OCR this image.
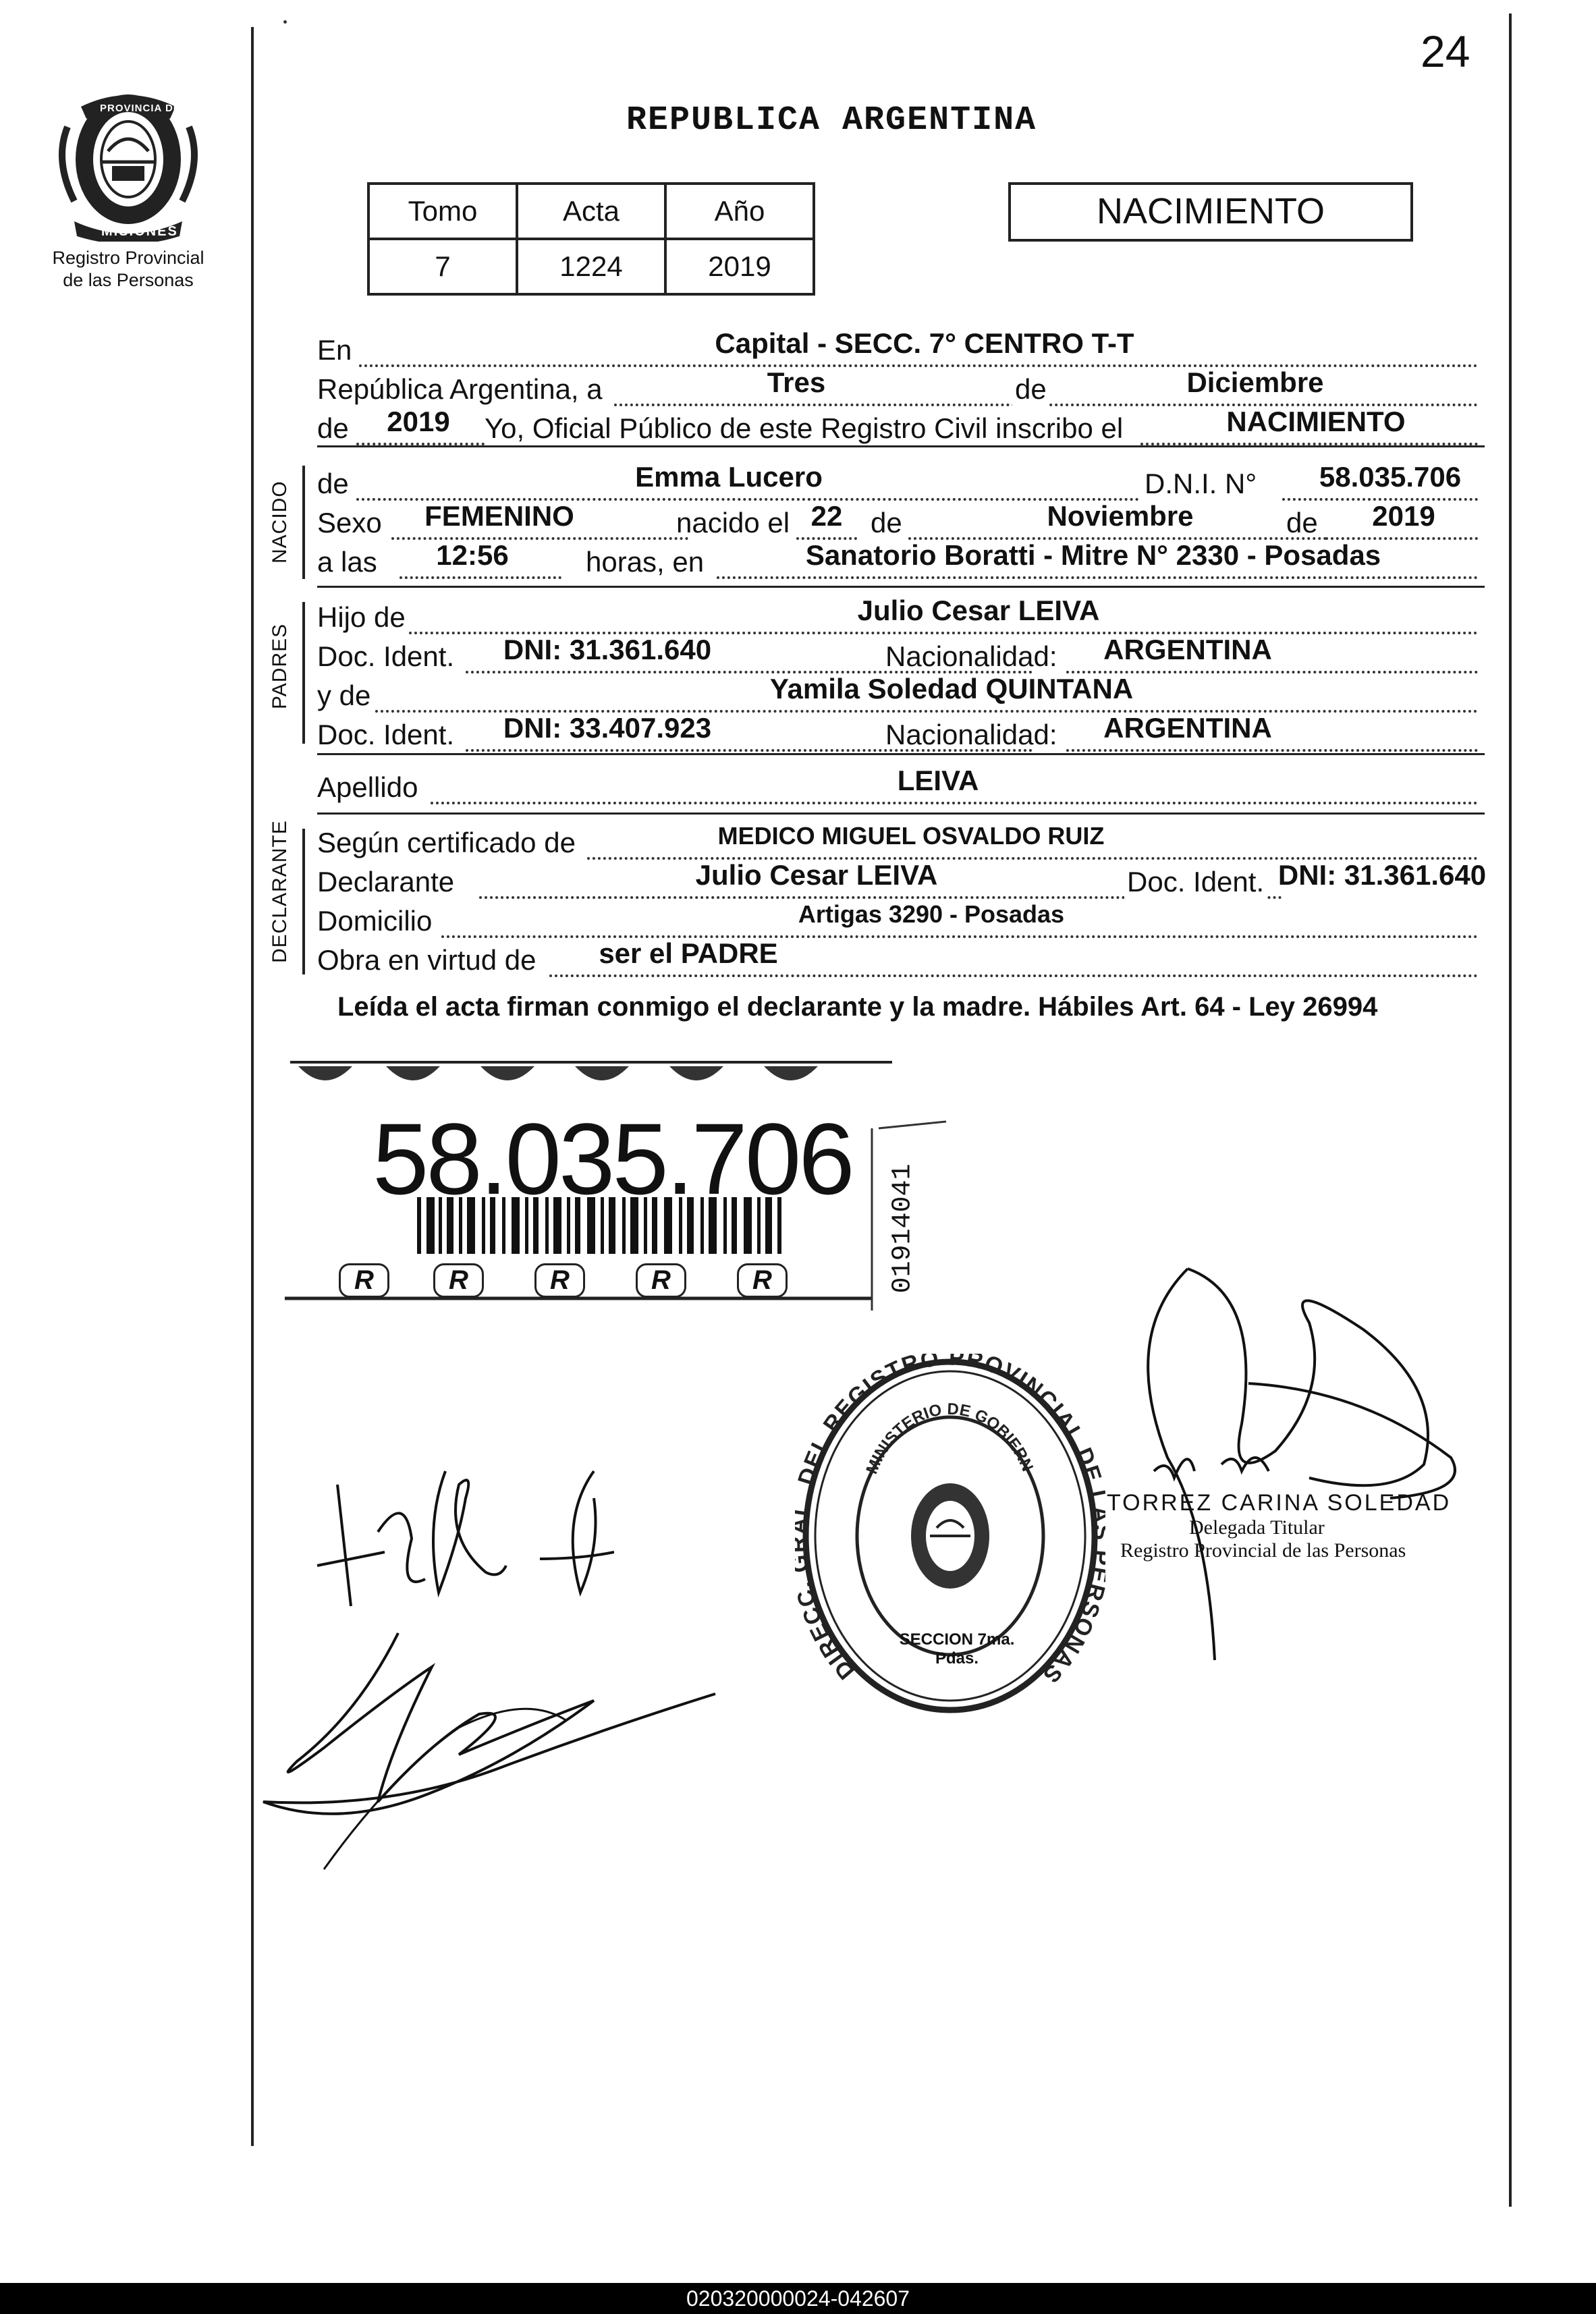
24
PROVINCIA DE
MISIONES
Registro Provincial
de las Personas
REPUBLICA ARGENTINA
Tomo	Acta	Año
7	1224	2019
NACIMIENTO
En	Capital - SECC. 7° CENTRO T-T
República Argentina, a	Tres	de	Diciembre
de	2019	Yo, Oficial Público de este Registro Civil inscribo el	NACIMIENTO
NACIDO de	Emma Lucero	D.N.I. N°	58.035.706
Sexo	FEMENINO	nacido el 22 de	Noviembre	de	2019
a las	12:56	horas, en	Sanatorio Boratti - Mitre N° 2330 - Posadas
PADRES
Hijo de	Julio Cesar LEIVA
Doc. Ident.	DNI: 31.361.640	Nacionalidad:	ARGENTINA
y de	Yamila Soledad QUINTANA
Doc. Ident.	DNI: 33.407.923	Nacionalidad:	ARGENTINA
Apellido	LEIVA
DECLARANTE Según certificado de	MEDICO MIGUEL OSVALDO RUIZ
Declarante	Julio Cesar LEIVA	Doc. Ident. DNI: 31.361.640
Domicilio	Artigas 3290 - Posadas
Obra en virtud de	ser el PADRE
Leída el acta firman conmigo el declarante y la madre. Hábiles Art. 64 - Ley 26994
58.035.706
01914041
R	R	R	R	R
DIREC DEL REGISTRO PROVINCIAL DE SONAS
MINISTERIO DE GOBIERN
SECCION 7ma. Pdas.
TORREZ CARINA SOLEDAD
Delegada Titular
Registro Provincial de las Personas
020320000024-042607
